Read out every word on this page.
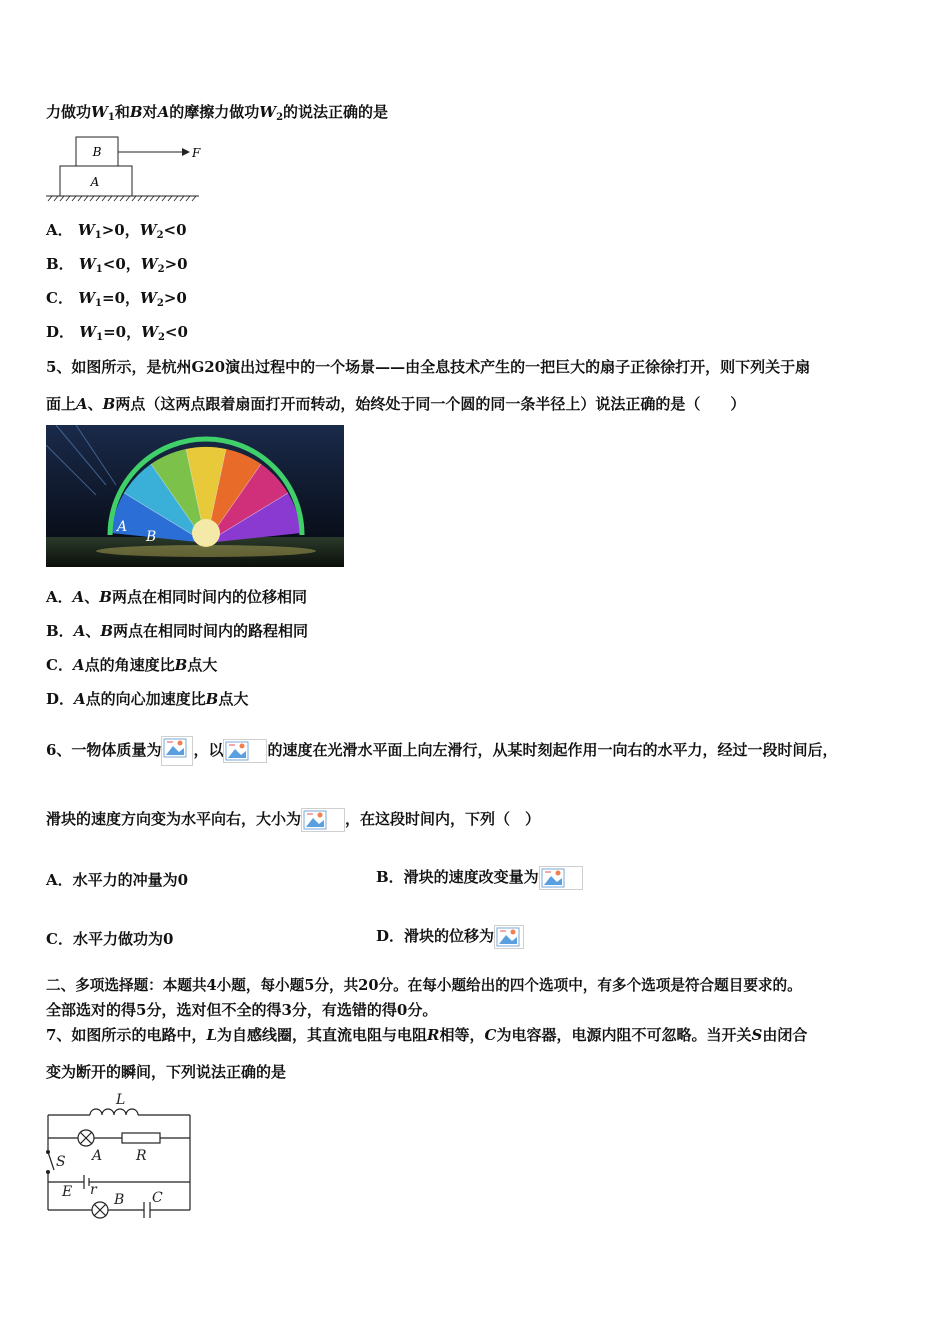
力做功$W_1$和B对A的摩擦力做功$W_2$的说法正确的是
B
A
F
A． $W_1>0$，$W_2<0$
B． $W_1<0$，$W_2>0$
C． $W_1=0$，$W_2>0$
D． $W_1=0$，$W_2<0$
5、如图所示，是杭州G20演出过程中的一个场景——由全息技术产生的一把巨大的扇子正徐徐打开，则下列关于扇
面上A、B两点（这两点跟着扇面打开而转动，始终处于同一个圆的同一条半径上）说法正确的是（　　）
A
B
A．A、B两点在相同时间内的位移相同
B．A、B两点在相同时间内的路程相同
C．A点的角速度比B点大
D．A点的向心加速度比B点大
6、一物体质量为 ，以	的速度在光滑水平面上向左滑行，从某时刻起作用一向右的水平力，经过一段时间后，
滑块的速度方向变为水平向右，大小为	，在这段时间内，下列（　）
A．水平力的冲量为0	B．滑块的速度改变量为
C．水平力做功为0	D．滑块的位移为
二、多项选择题：本题共4小题，每小题5分，共20分。在每小题给出的四个选项中，有多个选项是符合题目要求的。
全部选对的得5分，选对但不全的得3分，有选错的得0分。
7、如图所示的电路中，L为自感线圈，其直流电阻与电阻R相等，C为电容器，电源内阻不可忽略。当开关S由闭合
变为断开的瞬间，下列说法正确的是
L
A R
S
E r
B C
